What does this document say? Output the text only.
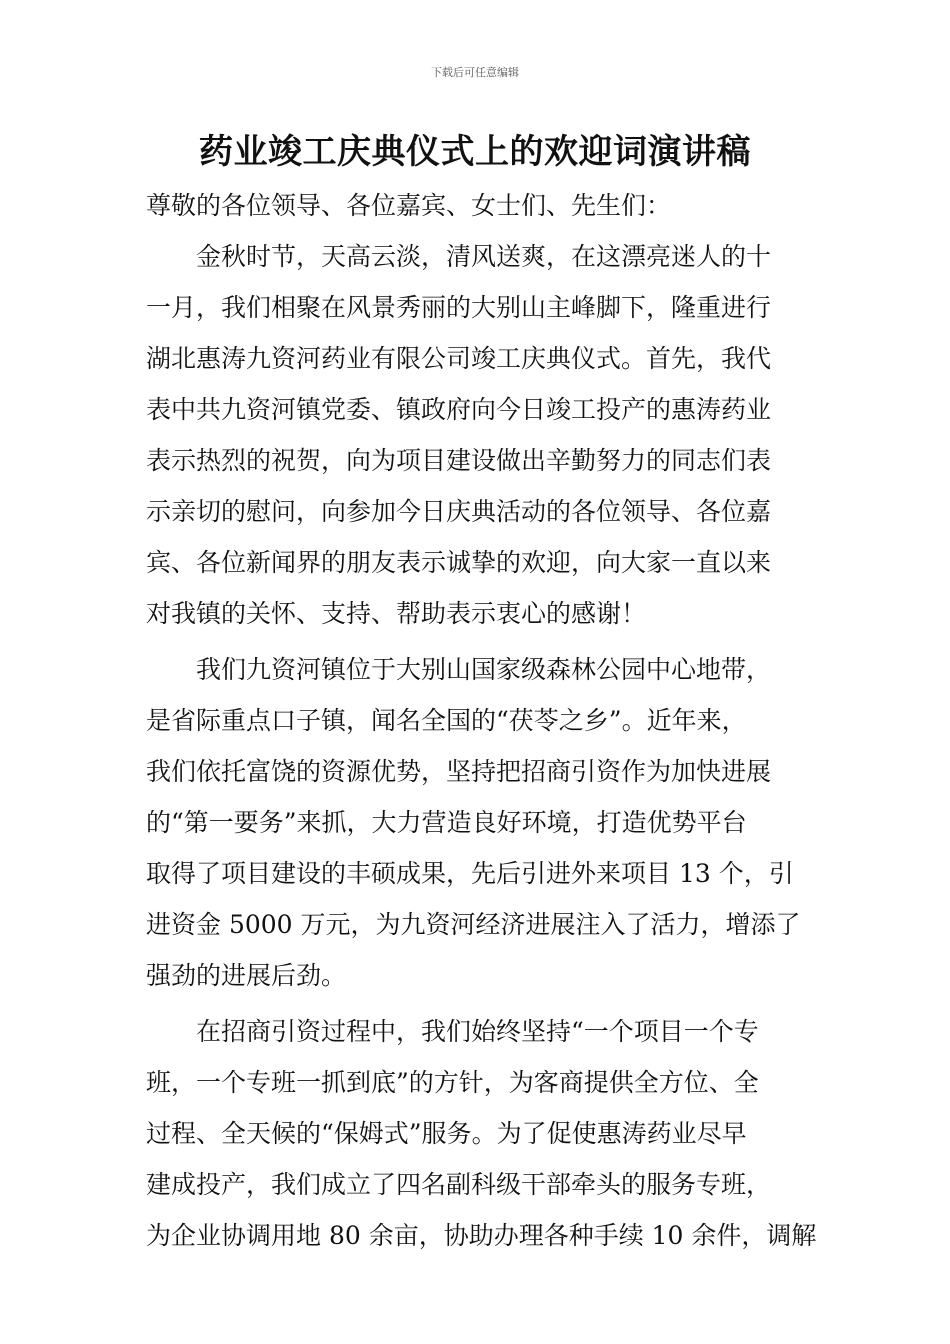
下载后可任意编辑
药业竣工庆典仪式上的欢迎词演讲稿
尊敬的各位领导、各位嘉宾、女士们、先生们：
　　金秋时节，天高云淡，清风送爽，在这漂亮迷人的十
一月，我们相聚在风景秀丽的大别山主峰脚下，隆重进行
湖北惠涛九资河药业有限公司竣工庆典仪式。首先，我代
表中共九资河镇党委、镇政府向今日竣工投产的惠涛药业
表示热烈的祝贺，向为项目建设做出辛勤努力的同志们表
示亲切的慰问，向参加今日庆典活动的各位领导、各位嘉
宾、各位新闻界的朋友表示诚挚的欢迎，向大家一直以来
对我镇的关怀、支持、帮助表示衷心的感谢！
　　我们九资河镇位于大别山国家级森林公园中心地带，
是省际重点口子镇，闻名全国的“茯苓之乡”。近年来，
我们依托富饶的资源优势，坚持把招商引资作为加快进展
的“第一要务”来抓，大力营造良好环境，打造优势平台
取得了项目建设的丰硕成果，先后引进外来项目 13 个，引
进资金 5000 万元，为九资河经济进展注入了活力，增添了
强劲的进展后劲。
　　在招商引资过程中，我们始终坚持“一个项目一个专
班，一个专班一抓到底”的方针，为客商提供全方位、全
过程、全天候的“保姆式”服务。为了促使惠涛药业尽早
建成投产，我们成立了四名副科级干部牵头的服务专班，
为企业协调用地 80 余亩，协助办理各种手续 10 余件，调解
